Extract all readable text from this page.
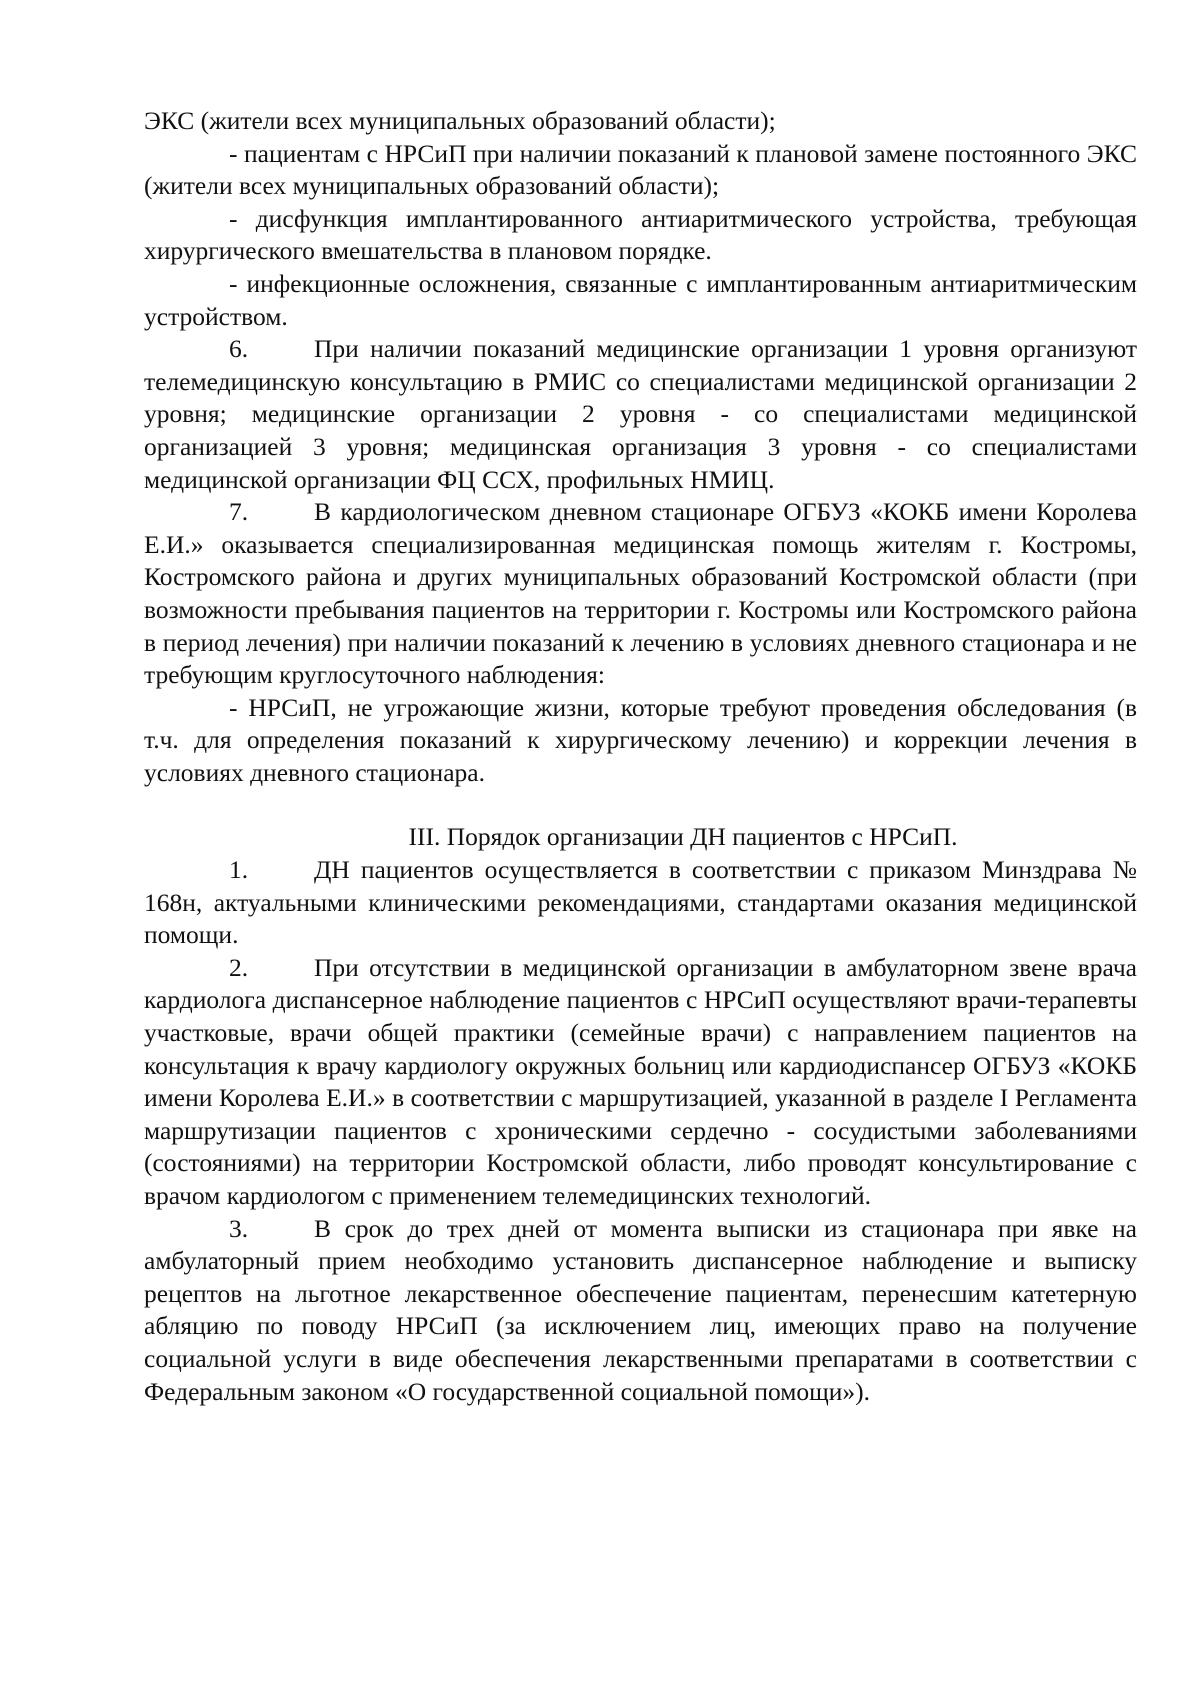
ЭКС (жители всех муниципальных образований области);

- пациентам с НРСиП при наличии показаний к плановой замене постоянного ЭКС (жители всех муниципальных образований области);

- дисфункция имплантированного антиаритмического устройства, требующая хирургического вмешательства в плановом порядке.

- инфекционные осложнения, связанные с имплантированным антиаритмическим устройством.

6.	При наличии показаний медицинские организации 1 уровня организуют телемедицинскую консультацию в РМИС со специалистами медицинской организации 2 уровня; медицинские организации 2 уровня - со специалистами медицинской организацией 3 уровня; медицинская организация 3 уровня - со специалистами медицинской организации ФЦ ССХ, профильных НМИЦ.

7.	В кардиологическом дневном стационаре ОГБУЗ «КОКБ имени Королева Е.И.» оказывается специализированная медицинская помощь жителям г. Костромы, Костромского района и других муниципальных образований Костромской области (при возможности пребывания пациентов на территории г. Костромы или Костромского района в период лечения) при наличии показаний к лечению в условиях дневного стационара и не требующим круглосуточного наблюдения:

- НРСиП, не угрожающие жизни, которые требуют проведения обследования (в т.ч. для определения показаний к хирургическому лечению) и коррекции лечения в условиях дневного стационара.

III. Порядок организации ДН пациентов с НРСиП.

1.	ДН пациентов осуществляется в соответствии с приказом Минздрава № 168н, актуальными клиническими рекомендациями, стандартами оказания медицинской помощи.

2.	При отсутствии в медицинской организации в амбулаторном звене врача кардиолога диспансерное наблюдение пациентов с НРСиП осуществляют врачи-терапевты участковые, врачи общей практики (семейные врачи) с направлением пациентов на консультация к врачу кардиологу окружных больниц или кардиодиспансер ОГБУЗ «КОКБ имени Королева Е.И.» в соответствии с маршрутизацией, указанной в разделе I Регламента маршрутизации пациентов с хроническими сердечно - сосудистыми заболеваниями (состояниями) на территории Костромской области, либо проводят консультирование с врачом кардиологом с применением телемедицинских технологий.

3.	В срок до трех дней от момента выписки из стационара при явке на амбулаторный прием необходимо установить диспансерное наблюдение и выписку рецептов на льготное лекарственное обеспечение пациентам, перенесшим катетерную абляцию по поводу НРСиП (за исключением лиц, имеющих право на получение социальной услуги в виде обеспечения лекарственными препаратами в соответствии с Федеральным законом «О государственной социальной помощи»).
